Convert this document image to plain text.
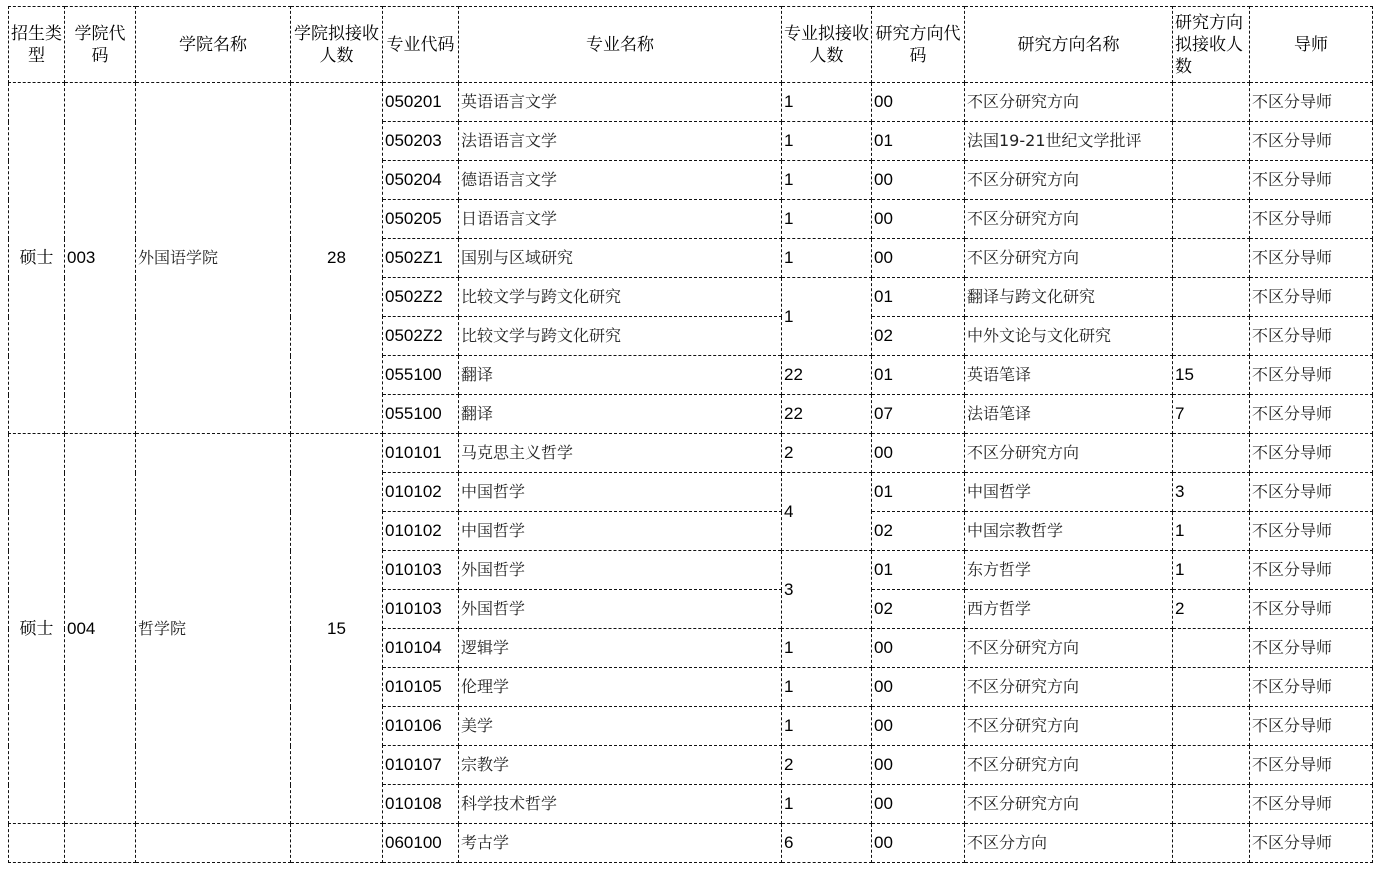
招生类型	学院代码	学院名称	学院拟接收人数	专业代码	专业名称	专业拟接收人数	研究方向代码	研究方向名称	研究方向拟接收人数	导师
硕士	003	外国语学院	28	050201	英语语言文学	1	00	不区分研究方向		不区分导师
				050203	法语语言文学	1	01	法国19-21世纪文学批评		不区分导师
				050204	德语语言文学	1	00	不区分研究方向		不区分导师
				050205	日语语言文学	1	00	不区分研究方向		不区分导师
				0502Z1	国别与区域研究	1	00	不区分研究方向		不区分导师
				0502Z2	比较文学与跨文化研究	1	01	翻译与跨文化研究		不区分导师
				0502Z2	比较文学与跨文化研究		02	中外文论与文化研究		不区分导师
				055100	翻译	22	01	英语笔译	15	不区分导师
				055100	翻译	22	07	法语笔译	7	不区分导师
硕士	004	哲学院	15	010101	马克思主义哲学	2	00	不区分研究方向		不区分导师
				010102	中国哲学	4	01	中国哲学	3	不区分导师
				010102	中国哲学		02	中国宗教哲学	1	不区分导师
				010103	外国哲学	3	01	东方哲学	1	不区分导师
				010103	外国哲学		02	西方哲学	2	不区分导师
				010104	逻辑学	1	00	不区分研究方向		不区分导师
				010105	伦理学	1	00	不区分研究方向		不区分导师
				010106	美学	1	00	不区分研究方向		不区分导师
				010107	宗教学	2	00	不区分研究方向		不区分导师
				010108	科学技术哲学	1	00	不区分研究方向		不区分导师
				060100	考古学	6	00	不区分方向		不区分导师
